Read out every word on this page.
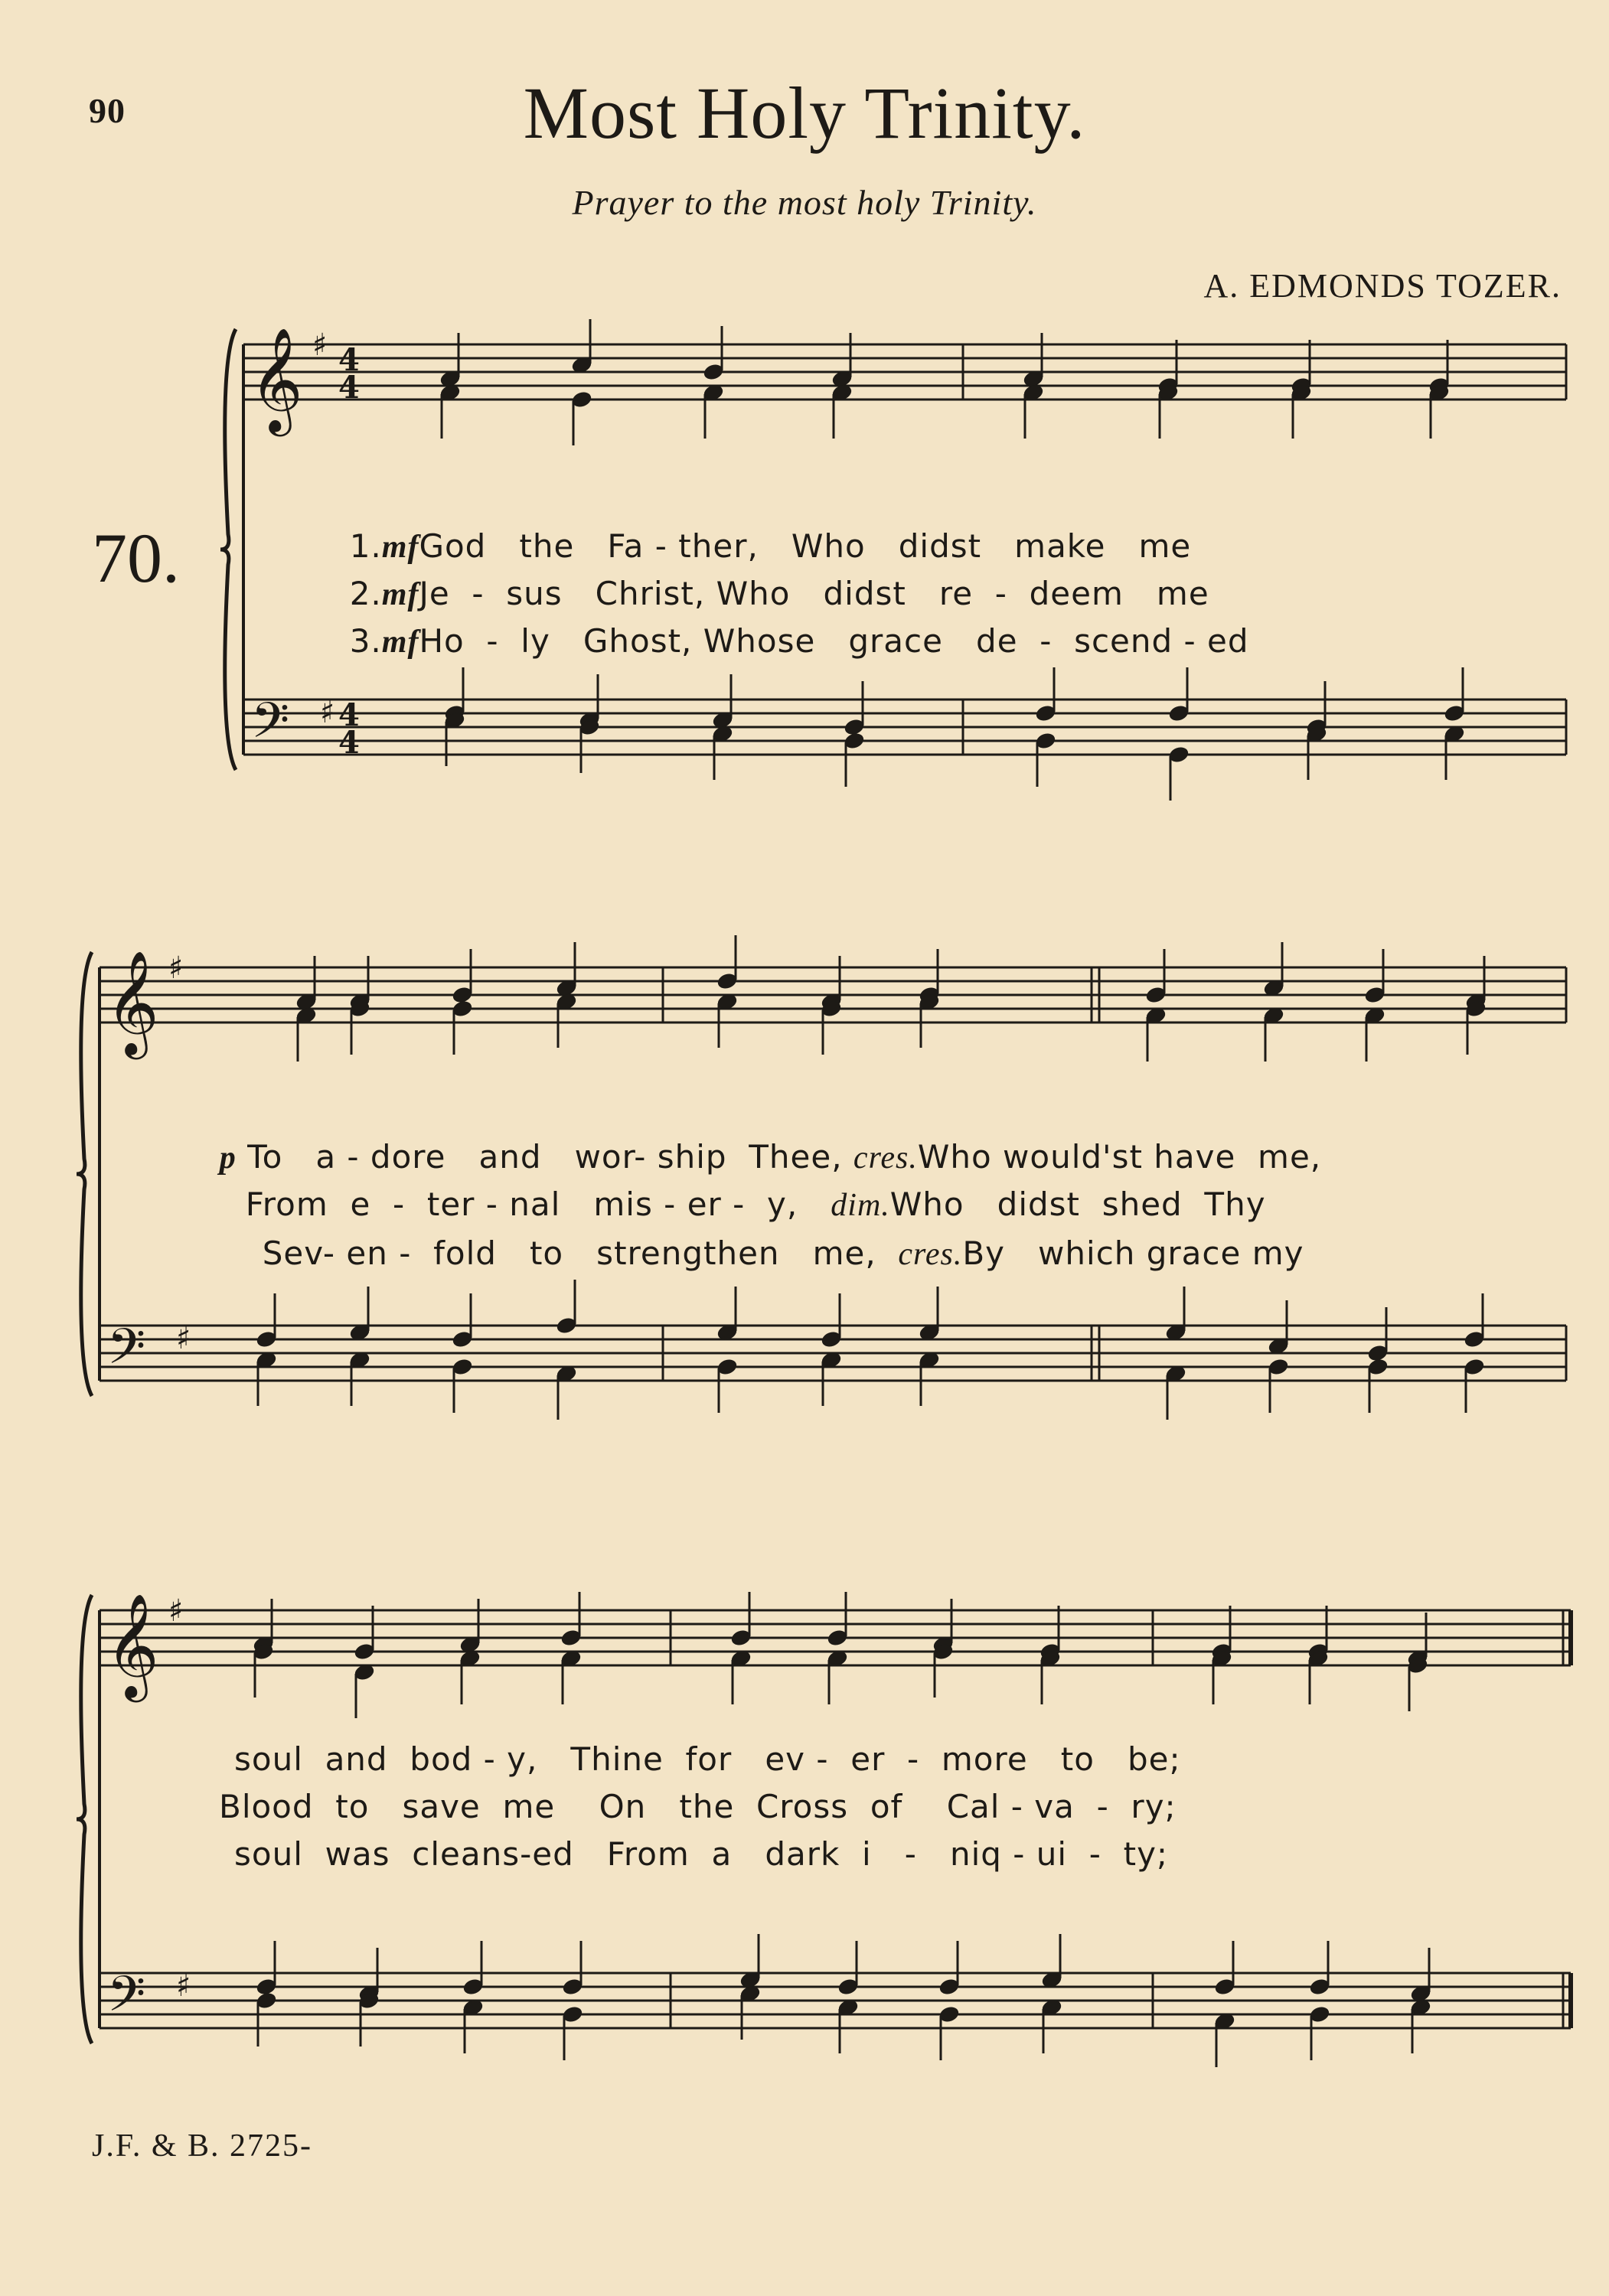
90	Most Holy Trinity.
Prayer to the most holy Trinity.
A. EDMONDS TOZER.
70.
𝄞
𝄢
♯
♯
4
4
4
4
𝄞
𝄢
♯
♯
𝄞
𝄢
♯
♯

1.mfGod   the   Fa - ther,   Who   didst   make   me

2.mfJe  -  sus   Christ, Who   didst   re  -  deem   me

3.mfHo  -  ly   Ghost, Whose   grace   de  -  scend - ed

p To   a - dore   and   wor- ship  Thee, cres.Who would'st have  me,

From  e  -  ter - nal   mis - er -  y, dim.Who   didst  shed  Thy

Sev- en -  fold   to   strengthen   me, cres.By   which grace my

soul  and  bod - y,   Thine  for   ev -  er  -  more   to   be;
Blood  to   save  me    On   the  Cross  of    Cal - va  -  ry;
soul  was  cleans-ed   From  a   dark  i   -   niq - ui  -  ty;
J.F. & B. 2725-
